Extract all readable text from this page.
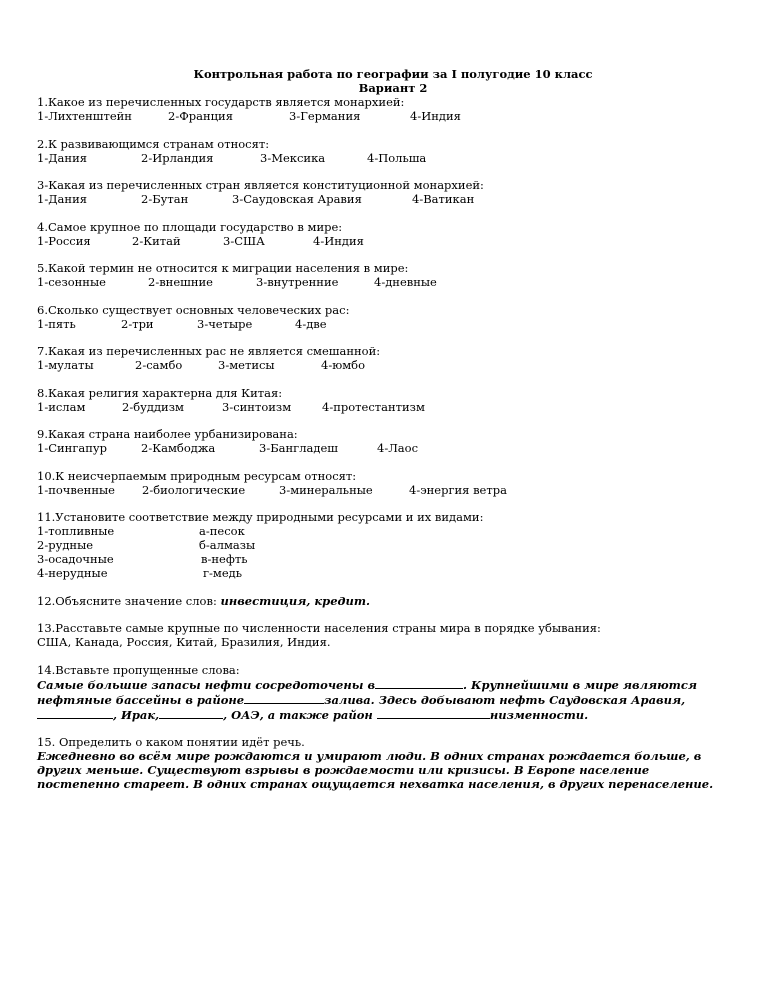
Контрольная работа по географии за I полугодие 10 класс
Вариант 2
1.Какое из перечисленных государств является монархией:
1-Лихтенштейн	2-Франция	3-Германия	4-Индия
2.К развивающимся странам относят:
1-Дания	2-Ирландия	3-Мексика	4-Польша
3-Какая из перечисленных стран является конституционной монархией:
1-Дания	2-Бутан	3-Саудовская Аравия	4-Ватикан
4.Самое крупное по площади государство в мире:
1-Россия	2-Китай	3-США	4-Индия
5.Какой термин не относится к миграции населения в мире:
1-сезонные	2-внешние	3-внутренние	4-дневные
6.Сколько существует основных человеческих рас:
1-пять	2-три	3-четыре	4-две
7.Какая из перечисленных рас не является смешанной:
1-мулаты	2-самбо	3-метисы	4-юмбо
8.Какая религия характерна для Китая:
1-ислам	2-буддизм	3-синтоизм	4-протестантизм
9.Какая страна наиболее урбанизирована:
1-Сингапур	2-Камбоджа	3-Бангладеш	4-Лаос
10.К неисчерпаемым природным ресурсам относят:
1-почвенные	2-биологические	3-минеральные	4-энергия ветра
11.Установите соответствие между природными ресурсами и их видами:
1-топливные	а-песок
2-рудные	б-алмазы
3-осадочные	в-нефть
4-нерудные	г-медь
12.Объясните значение слов: инвестиция, кредит.
13.Расставьте самые крупные по численности населения страны мира в порядке убывания:
США, Канада, Россия, Китай, Бразилия, Индия.
14.Вставьте пропущенные слова:
Самые большие запасы нефти сосредоточены в	. Крупнейшими в мире являются
нефтяные бассейны в районе	залива. Здесь добывают нефть Саудовская Аравия,
, Ирак,	, ОАЭ, а также район	низменности.
15. Определить о каком понятии идёт речь.
Ежедневно во всём мире рождаются и умирают люди. В одних странах рождается больше, в
других меньше. Существуют взрывы в рождаемости или кризисы. В Европе население
постепенно стареет. В одних странах ощущается нехватка населения, в других перенаселение.
